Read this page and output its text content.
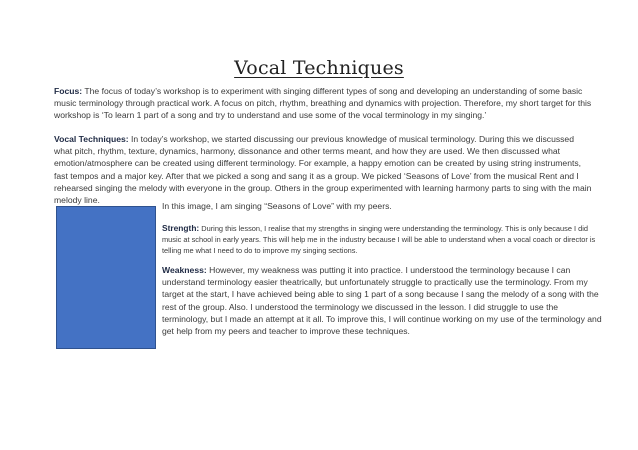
Vocal Techniques
Focus: The focus of today’s workshop is to experiment with singing different types of song and developing an understanding of some basic music terminology through practical work. A focus on pitch, rhythm, breathing and dynamics with projection. Therefore, my short target for this workshop is ‘To learn 1 part of a song and try to understand and use some of the vocal terminology in my singing.’
Vocal Techniques: In today’s workshop, we started discussing our previous knowledge of musical terminology. During this we discussed what pitch, rhythm, texture, dynamics, harmony, dissonance and other terms meant, and how they are used. We then discussed what emotion/atmosphere can be created using different terminology. For example, a happy emotion can be created by using string instruments, fast tempos and a major key. After that we picked a song and sang it as a group. We picked ‘Seasons of Love’ from the musical Rent and I rehearsed singing the melody with everyone in the group. Others in the group experimented with learning harmony parts to sing with the main melody line.
In this image, I am singing “Seasons of Love” with my peers.
Strength: During this lesson, I realise that my strengths in singing were understanding the terminology. This is only because I did music at school in early years. This will help me in the industry because I will be able to understand when a vocal coach or director is telling me what I need to do to improve my singing sections.
Weakness: However, my weakness was putting it into practice. I understood the terminology because I can understand terminology easier theatrically, but unfortunately struggle to practically use the terminology. From my target at the start, I have achieved being able to sing 1 part of a song because I sang the melody of a song with the rest of the group. Also. I understood the terminology we discussed in the lesson. I did struggle to use the terminology, but I made an attempt at it all. To improve this, I will continue working on my use of the terminology and get help from my peers and teacher to improve these techniques.
